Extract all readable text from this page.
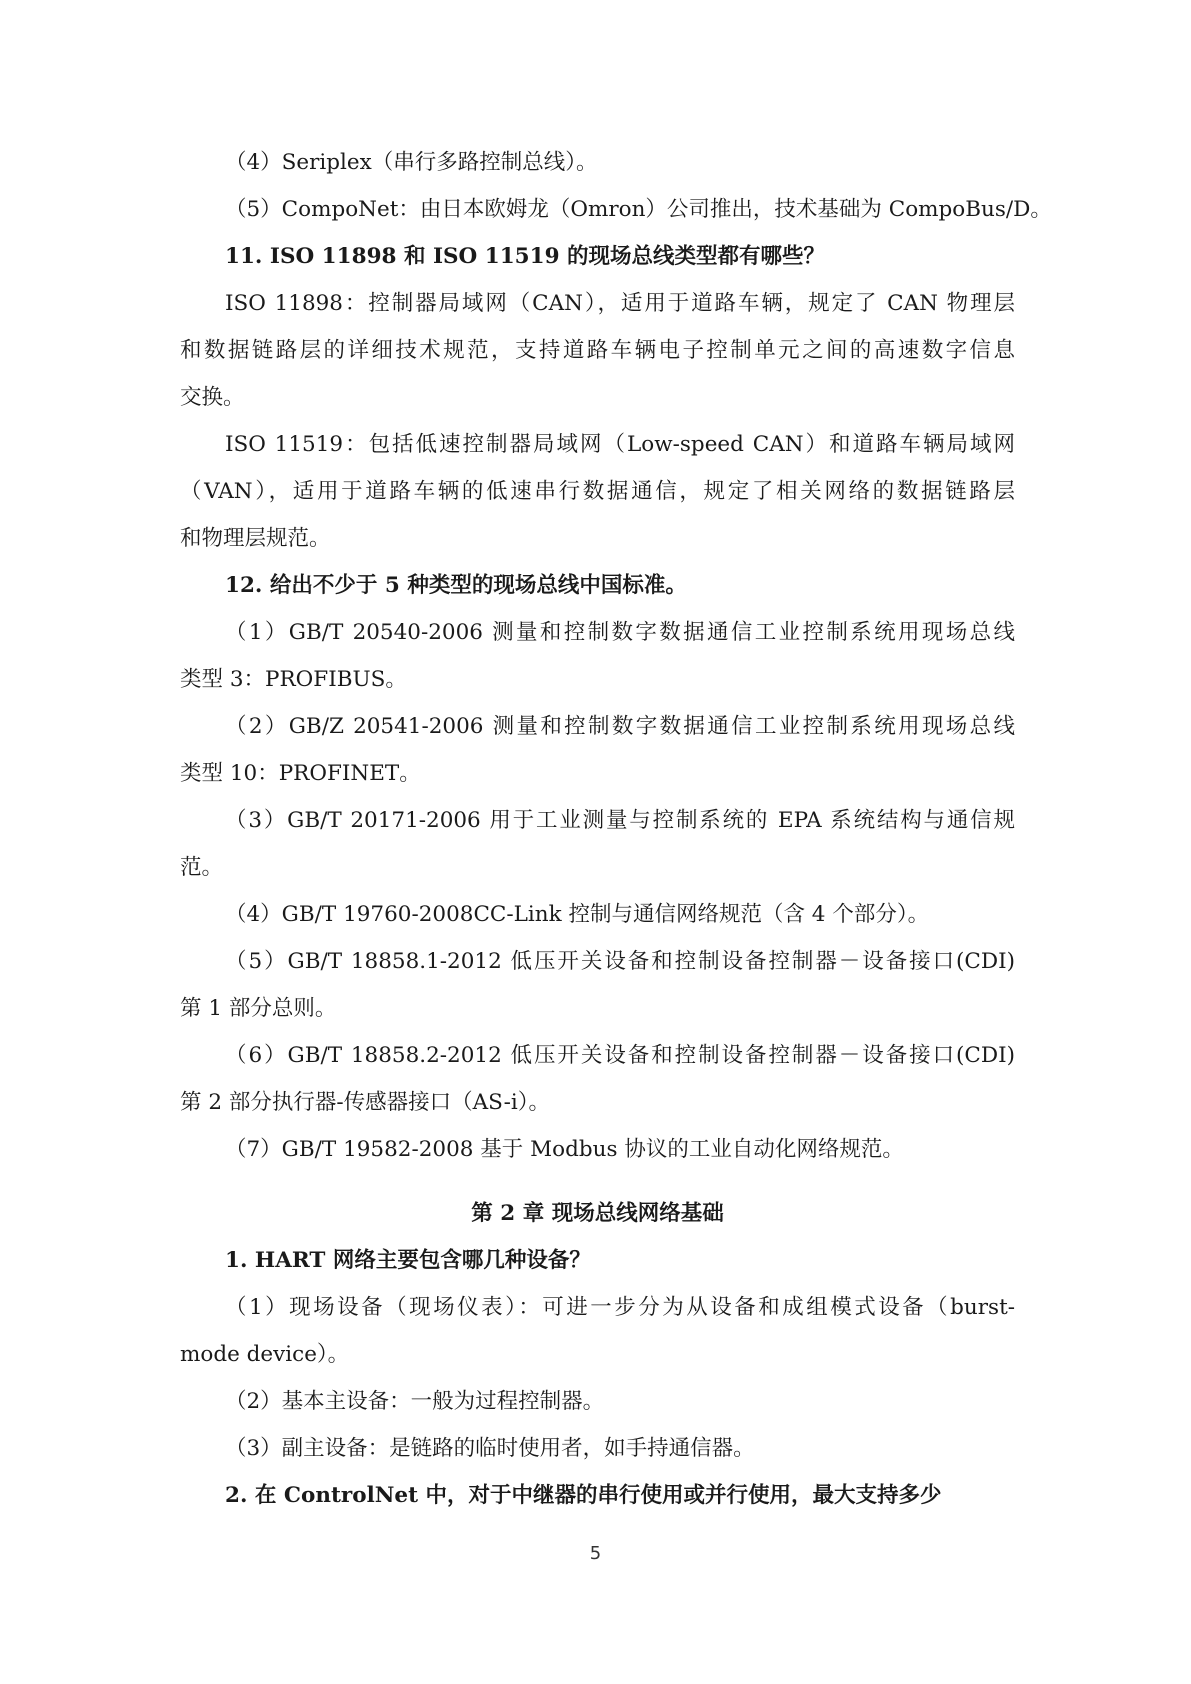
（4）Seriplex（串行多路控制总线）。
（5）CompoNet：由日本欧姆龙（Omron）公司推出，技术基础为 CompoBus/D。
11. ISO 11898 和 ISO 11519 的现场总线类型都有哪些？
ISO 11898：控制器局域网（CAN），适用于道路车辆，规定了 CAN 物理层
和数据链路层的详细技术规范，支持道路车辆电子控制单元之间的高速数字信息
交换。
ISO 11519：包括低速控制器局域网（Low-speed CAN）和道路车辆局域网
（VAN），适用于道路车辆的低速串行数据通信，规定了相关网络的数据链路层
和物理层规范。
12. 给出不少于 5 种类型的现场总线中国标准。
（1）GB/T 20540-2006 测量和控制数字数据通信工业控制系统用现场总线
类型 3：PROFIBUS。
（2）GB/Z 20541-2006 测量和控制数字数据通信工业控制系统用现场总线
类型 10：PROFINET。
（3）GB/T 20171-2006 用于工业测量与控制系统的 EPA 系统结构与通信规
范。
（4）GB/T 19760-2008CC-Link 控制与通信网络规范（含 4 个部分）。
（5）GB/T 18858.1-2012 低压开关设备和控制设备控制器－设备接口(CDI)
第 1 部分总则。
（6）GB/T 18858.2-2012 低压开关设备和控制设备控制器－设备接口(CDI)
第 2 部分执行器-传感器接口（AS-i）。
（7）GB/T 19582-2008 基于 Modbus 协议的工业自动化网络规范。
第 2 章 现场总线网络基础
1. HART 网络主要包含哪几种设备？
（1）现场设备（现场仪表）：可进一步分为从设备和成组模式设备（burst-
mode device）。
（2）基本主设备：一般为过程控制器。
（3）副主设备：是链路的临时使用者，如手持通信器。
2. 在 ControlNet 中，对于中继器的串行使用或并行使用，最大支持多少
5
